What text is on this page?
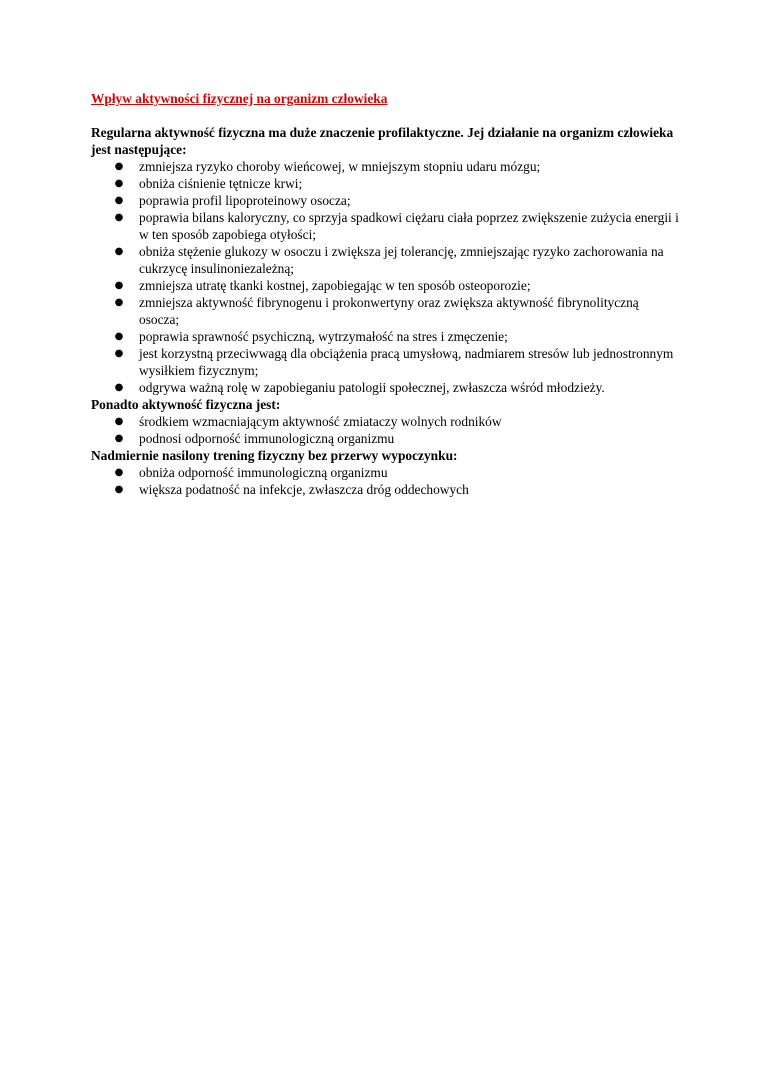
Wpływ aktywności fizycznej na organizm człowieka
Regularna aktywność fizyczna ma duże znaczenie profilaktyczne. Jej działanie na organizm człowieka jest następujące:
● zmniejsza ryzyko choroby wieńcowej, w mniejszym stopniu udaru mózgu;
● obniża ciśnienie tętnicze krwi;
● poprawia profil lipoproteinowy osocza;
● poprawia bilans kaloryczny, co sprzyja spadkowi ciężaru ciała poprzez zwiększenie zużycia energii i w ten sposób zapobiega otyłości;
● obniża stężenie glukozy w osoczu i zwiększa jej tolerancję, zmniejszając ryzyko zachorowania na cukrzycę insulinoniezależną;
● zmniejsza utratę tkanki kostnej, zapobiegając w ten sposób osteoporozie;
● zmniejsza aktywność fibrynogenu i prokonwertyny oraz zwiększa aktywność fibrynolityczną osocza;
● poprawia sprawność psychiczną, wytrzymałość na stres i zmęczenie;
● jest korzystną przeciwwagą dla obciążenia pracą umysłową, nadmiarem stresów lub jednostronnym wysiłkiem fizycznym;
● odgrywa ważną rolę w zapobieganiu patologii społecznej, zwłaszcza wśród młodzieży.
Ponadto aktywność fizyczna jest:
● środkiem wzmacniającym aktywność zmiataczy wolnych rodników
● podnosi odporność immunologiczną organizmu
Nadmiernie nasilony trening fizyczny bez przerwy wypoczynku:
● obniża odporność immunologiczną organizmu
● większa podatność na infekcje, zwłaszcza dróg oddechowych
